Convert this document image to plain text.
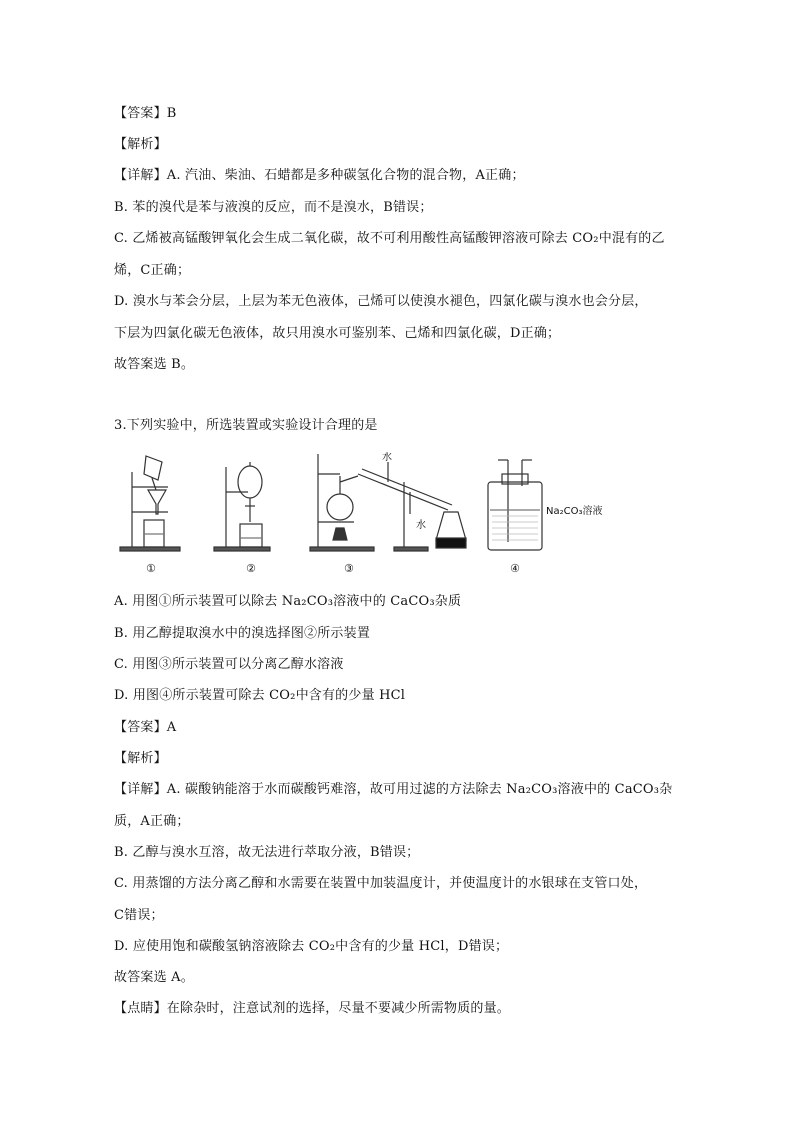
【答案】B
【解析】
【详解】A. 汽油、柴油、石蜡都是多种碳氢化合物的混合物，A正确；
B. 苯的溴代是苯与液溴的反应，而不是溴水，B错误；
C. 乙烯被高锰酸钾氧化会生成二氧化碳，故不可利用酸性高锰酸钾溶液可除去 CO₂中混有的乙
烯，C正确；
D. 溴水与苯会分层，上层为苯无色液体，己烯可以使溴水褪色，四氯化碳与溴水也会分层，
下层为四氯化碳无色液体，故只用溴水可鉴别苯、己烯和四氯化碳，D正确；
故答案选 B。
3.下列实验中，所选装置或实验设计合理的是
A. 用图①所示装置可以除去 Na₂CO₃溶液中的 CaCO₃杂质
B. 用乙醇提取溴水中的溴选择图②所示装置
C. 用图③所示装置可以分离乙醇水溶液
D. 用图④所示装置可除去 CO₂中含有的少量 HCl
【答案】A
【解析】
【详解】A. 碳酸钠能溶于水而碳酸钙难溶，故可用过滤的方法除去 Na₂CO₃溶液中的 CaCO₃杂
质，A正确；
B. 乙醇与溴水互溶，故无法进行萃取分液，B错误；
C. 用蒸馏的方法分离乙醇和水需要在装置中加装温度计，并使温度计的水银球在支管口处，
C错误；
D. 应使用饱和碳酸氢钠溶液除去 CO₂中含有的少量 HCl，D错误；
故答案选 A。
【点睛】在除杂时，注意试剂的选择，尽量不要减少所需物质的量。
水
水
Na₂CO₃溶液
①	②	③	④
